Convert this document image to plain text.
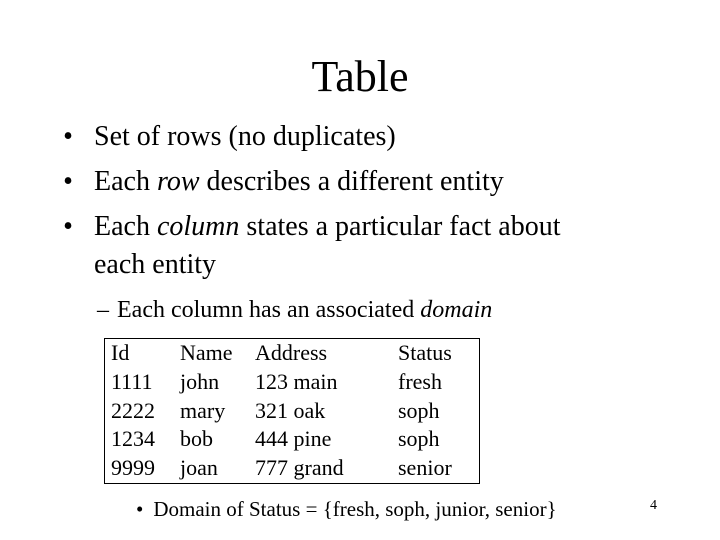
Table
• Set of rows (no duplicates)
• Each row describes a different entity
• Each column states a particular fact about
each entity
– Each column has an associated domain
Id	Name	Address	Status
1111	john	123 main	fresh
2222	mary	321 oak	soph
1234	bob	444 pine	soph
9999	joan	777 grand	senior
• Domain of Status = {fresh, soph, junior, senior}	4
